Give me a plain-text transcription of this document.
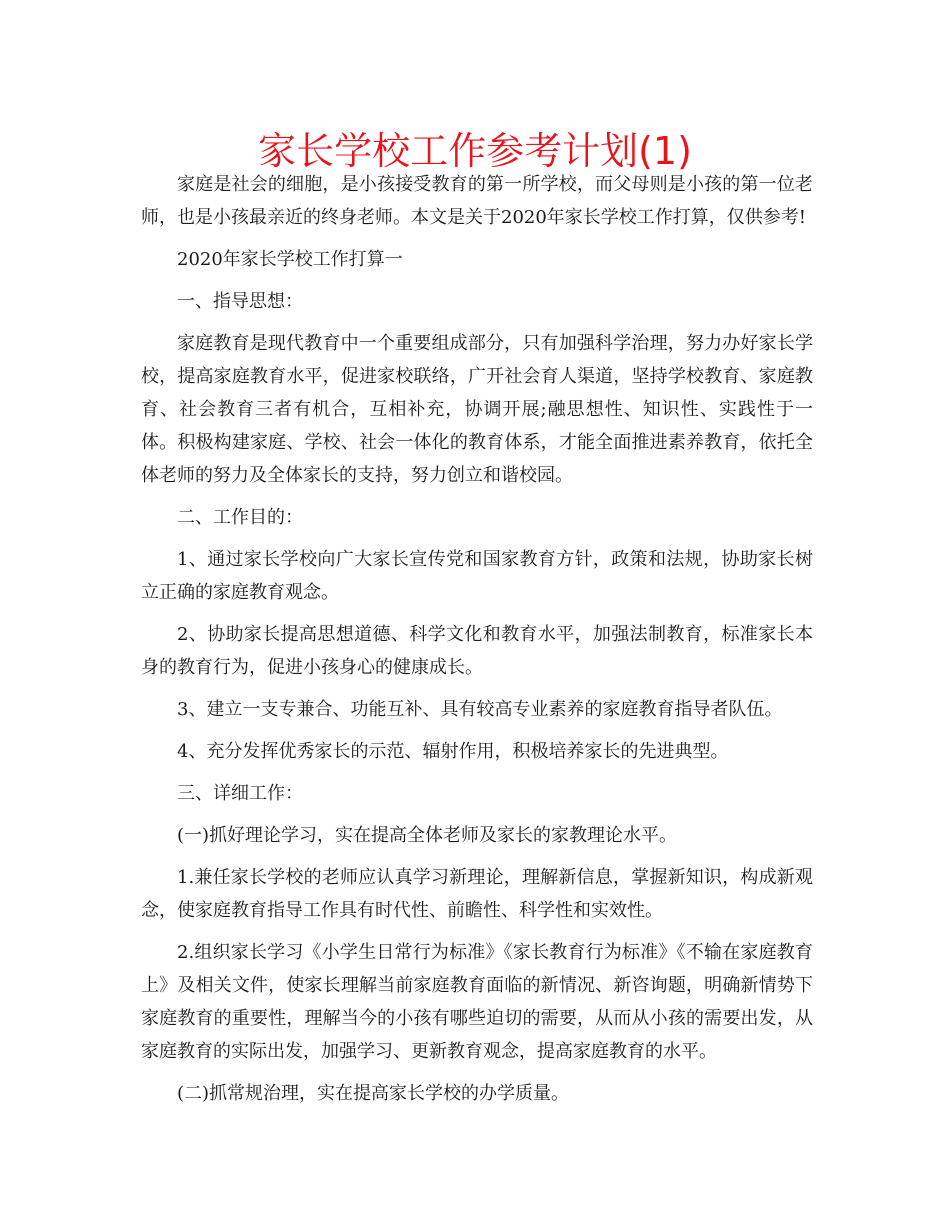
家长学校工作参考计划(1)

家庭是社会的细胞，是小孩接受教育的第一所学校，而父母则是小孩的第一位老师，也是小孩最亲近的终身老师。本文是关于2020年家长学校工作打算，仅供参考!

2020年家长学校工作打算一

一、指导思想：

家庭教育是现代教育中一个重要组成部分，只有加强科学治理，努力办好家长学校，提高家庭教育水平，促进家校联络，广开社会育人渠道，坚持学校教育、家庭教育、社会教育三者有机合，互相补充，协调开展;融思想性、知识性、实践性于一体。积极构建家庭、学校、社会一体化的教育体系，才能全面推进素养教育，依托全体老师的努力及全体家长的支持，努力创立和谐校园。

二、工作目的：

1、通过家长学校向广大家长宣传党和国家教育方针，政策和法规，协助家长树立正确的家庭教育观念。

2、协助家长提高思想道德、科学文化和教育水平，加强法制教育，标准家长本身的教育行为，促进小孩身心的健康成长。

3、建立一支专兼合、功能互补、具有较高专业素养的家庭教育指导者队伍。

4、充分发挥优秀家长的示范、辐射作用，积极培养家长的先进典型。

三、详细工作：

(一)抓好理论学习，实在提高全体老师及家长的家教理论水平。

1.兼任家长学校的老师应认真学习新理论，理解新信息，掌握新知识，构成新观念，使家庭教育指导工作具有时代性、前瞻性、科学性和实效性。

2.组织家长学习《小学生日常行为标准》《家长教育行为标准》《不输在家庭教育上》及相关文件，使家长理解当前家庭教育面临的新情况、新咨询题，明确新情势下家庭教育的重要性，理解当今的小孩有哪些迫切的需要，从而从小孩的需要出发，从家庭教育的实际出发，加强学习、更新教育观念，提高家庭教育的水平。

(二)抓常规治理，实在提高家长学校的办学质量。
